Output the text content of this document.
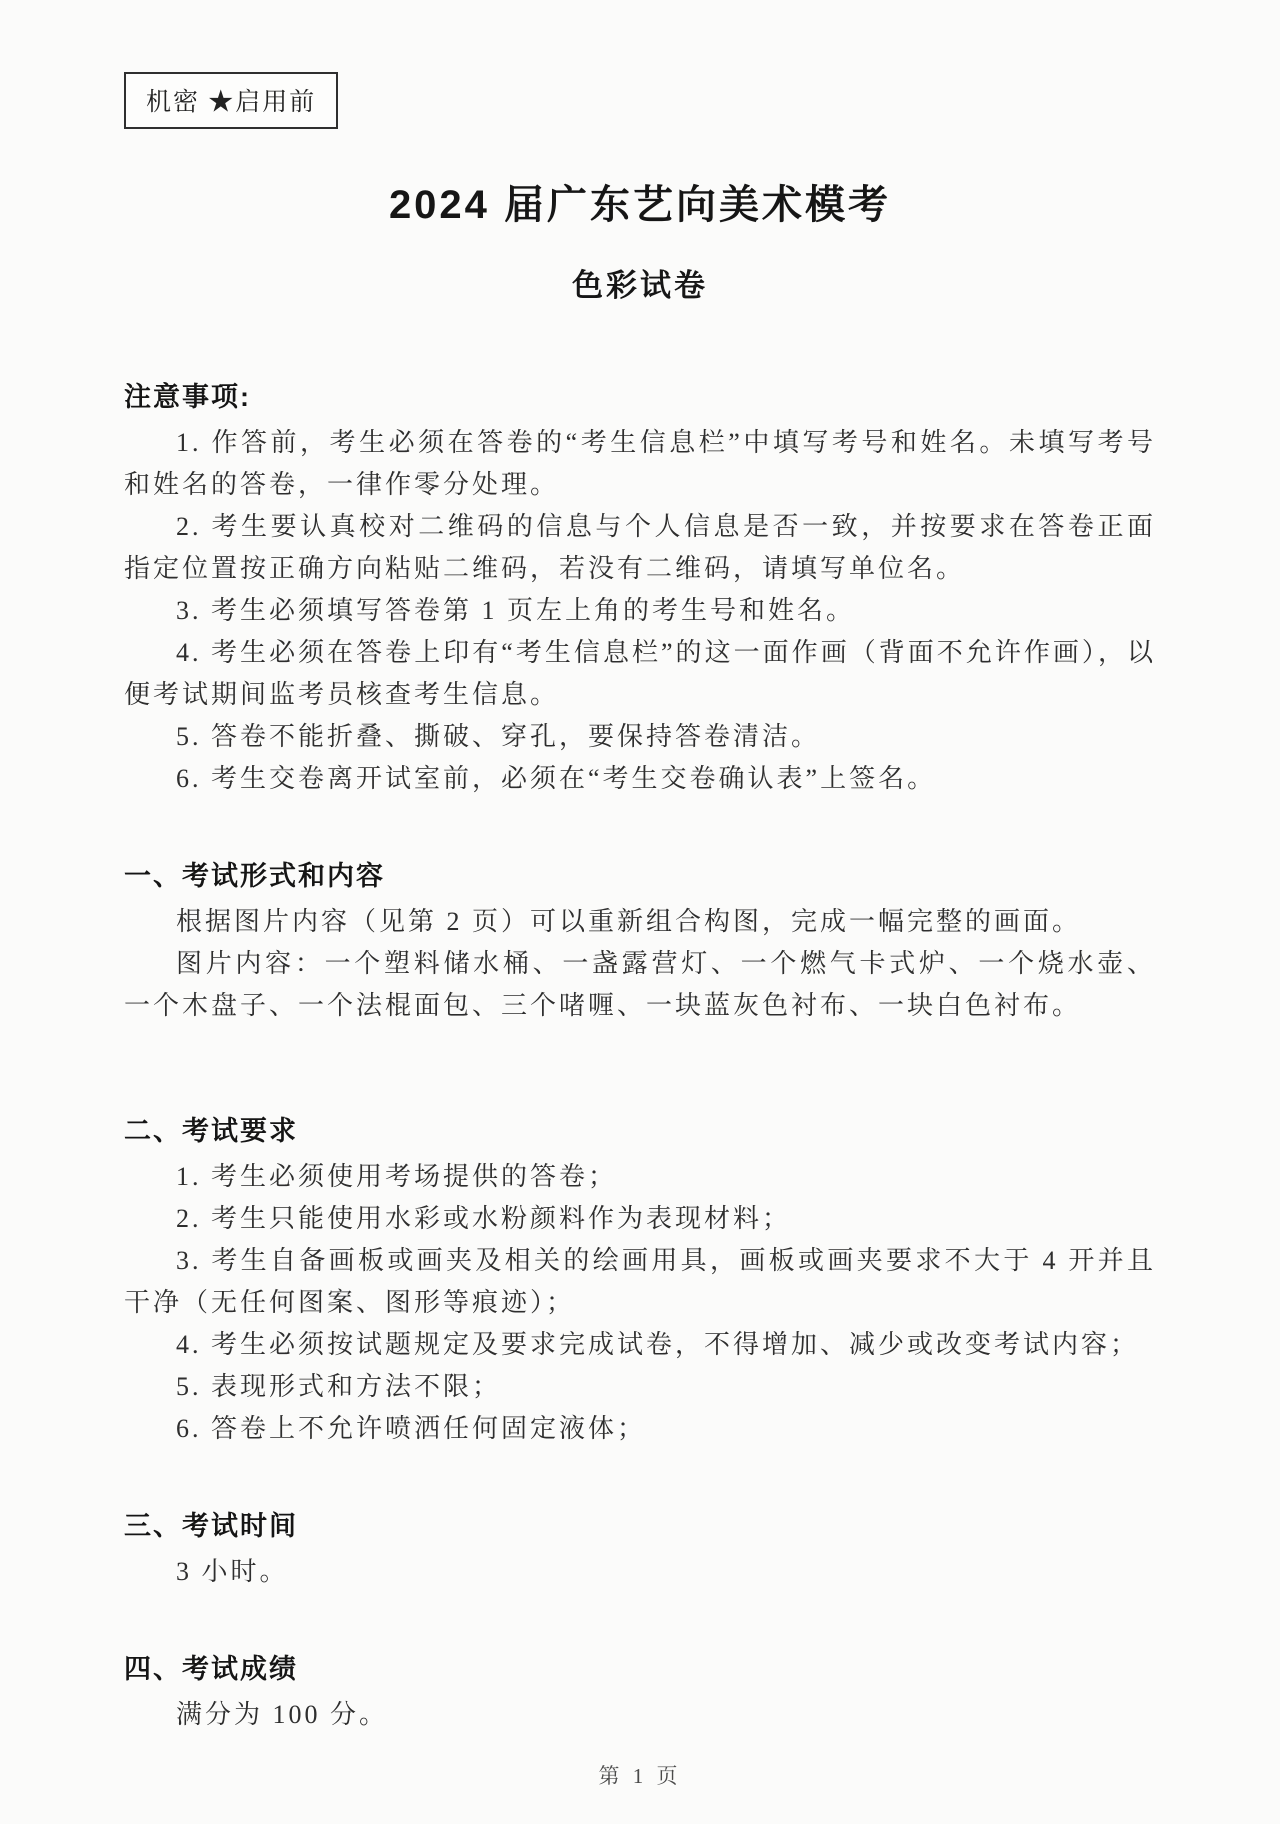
机密 ★启用前
2024 届广东艺向美术模考
色彩试卷
注意事项:

1. 作答前，考生必须在答卷的“考生信息栏”中填写考号和姓名。未填写考号和姓名的答卷，一律作零分处理。

2. 考生要认真校对二维码的信息与个人信息是否一致，并按要求在答卷正面指定位置按正确方向粘贴二维码，若没有二维码，请填写单位名。

3. 考生必须填写答卷第 1 页左上角的考生号和姓名。

4. 考生必须在答卷上印有“考生信息栏”的这一面作画（背面不允许作画），以便考试期间监考员核查考生信息。

5. 答卷不能折叠、撕破、穿孔，要保持答卷清洁。

6. 考生交卷离开试室前，必须在“考生交卷确认表”上签名。

一、考试形式和内容

根据图片内容（见第 2 页）可以重新组合构图，完成一幅完整的画面。

图片内容：一个塑料储水桶、一盏露营灯、一个燃气卡式炉、一个烧水壶、一个木盘子、一个法棍面包、三个啫喱、一块蓝灰色衬布、一块白色衬布。

二、考试要求

1. 考生必须使用考场提供的答卷；

2. 考生只能使用水彩或水粉颜料作为表现材料；

3. 考生自备画板或画夹及相关的绘画用具，画板或画夹要求不大于 4 开并且干净（无任何图案、图形等痕迹）；

4. 考生必须按试题规定及要求完成试卷，不得增加、减少或改变考试内容；

5. 表现形式和方法不限；

6. 答卷上不允许喷洒任何固定液体；

三、考试时间

3 小时。

四、考试成绩

满分为 100 分。

第 1 页
